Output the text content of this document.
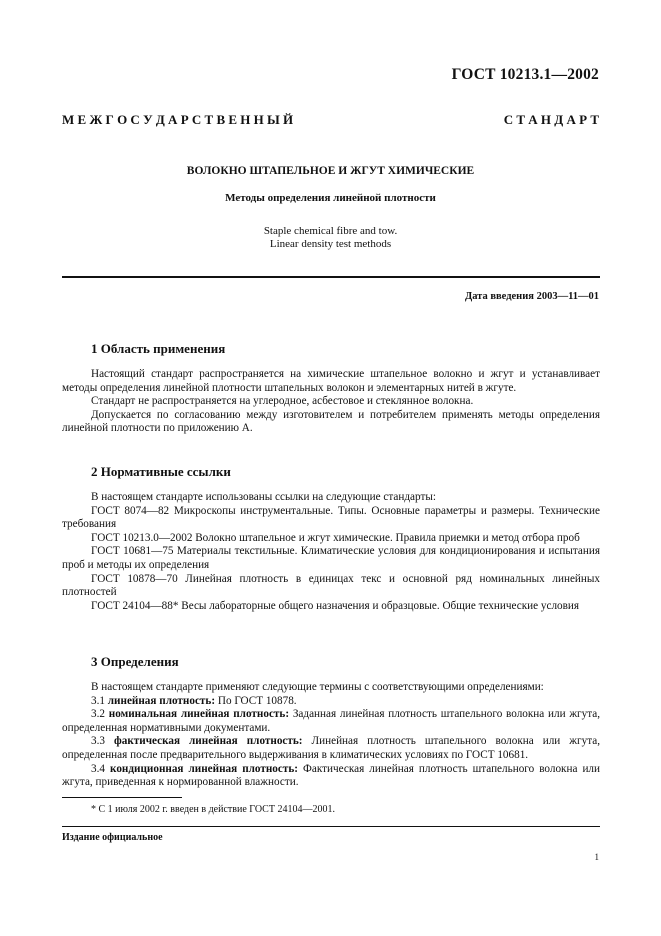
ГОСТ 10213.1—2002
М Е Ж Г О С У Д А Р С Т В Е Н Н Ы Й	С Т А Н Д А Р Т
ВОЛОКНО ШТАПЕЛЬНОЕ И ЖГУТ ХИМИЧЕСКИЕ
Методы определения линейной плотности
Staple chemical fibre and tow.
Linear density test methods
Дата введения 2003—11—01
1 Область применения

Настоящий стандарт распространяется на химические штапельное волокно и жгут и устанавливает методы определения линейной плотности штапельных волокон и элементарных нитей в жгуте.

Стандарт не распространяется на углеродное, асбестовое и стеклянное волокна.

Допускается по согласованию между изготовителем и потребителем применять методы определения линейной плотности по приложению А.

2 Нормативные ссылки

В настоящем стандарте использованы ссылки на следующие стандарты:

ГОСТ 8074—82 Микроскопы инструментальные. Типы. Основные параметры и размеры. Технические требования

ГОСТ 10213.0—2002 Волокно штапельное и жгут химические. Правила приемки и метод отбора проб

ГОСТ 10681—75 Материалы текстильные. Климатические условия для кондиционирования и испытания проб и методы их определения

ГОСТ 10878—70 Линейная плотность в единицах текс и основной ряд номинальных линейных плотностей

ГОСТ 24104—88* Весы лабораторные общего назначения и образцовые. Общие технические условия

3 Определения

В настоящем стандарте применяют следующие термины с соответствующими определениями:

3.1 линейная плотность: По ГОСТ 10878.

3.2 номинальная линейная плотность: Заданная линейная плотность штапельного волокна или жгута, определенная нормативными документами.

3.3 фактическая линейная плотность: Линейная плотность штапельного волокна или жгута, определенная после предварительного выдерживания в климатических условиях по ГОСТ 10681.

3.4 кондиционная линейная плотность: Фактическая линейная плотность штапельного волокна или жгута, приведенная к нормированной влажности.

* С 1 июля 2002 г. введен в действие ГОСТ 24104—2001.
Издание официальное
1
